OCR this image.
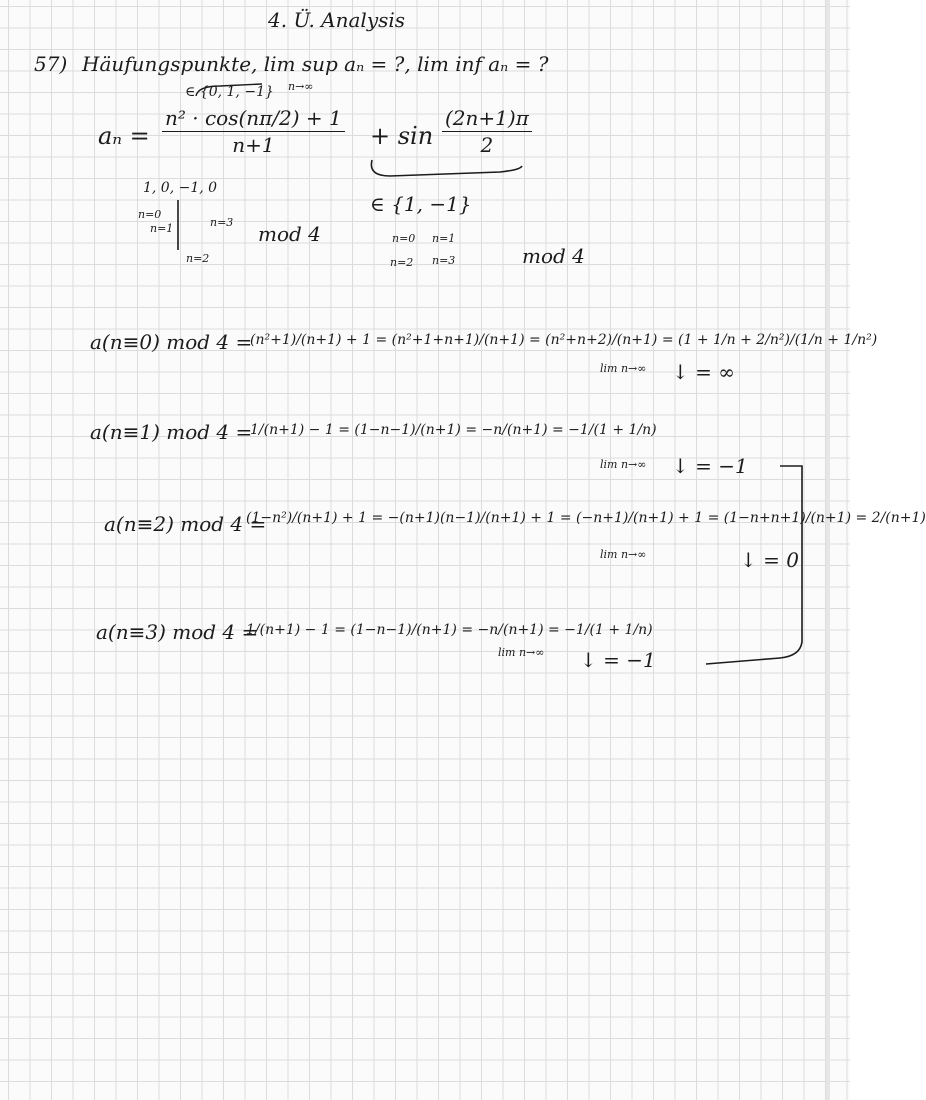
4. Ü. Analysis
57) Häufungspunkte, lim sup aₙ = ?, lim inf aₙ = ?
n→∞
∈ {0, 1, −1}
$a_n = \frac{\text{n² · cos(nπ/2) + 1}}{n+1} + \sin \frac{(2n+1)\pi}{2}$
1, 0, −1, 0
n=0
n=1	n=3
n=2
mod 4
∈ {1, −1}
n=0 n=1
n=2 n=3	mod 4
a(n≡0) mod 4 =
(n²+1)/(n+1) + 1 = (n²+1+n+1)/(n+1) = (n²+n+2)/(n+1) = (1 + 1/n + 2/n²)/(1/n + 1/n²)
lim n→∞ ↓ = ∞
a(n≡1) mod 4 =
1/(n+1) − 1 = (1−n−1)/(n+1) = −n/(n+1) = −1/(1 + 1/n)
lim n→∞ ↓ = −1
a(n≡2) mod 4 =
(1−n²)/(n+1) + 1 = −(n+1)(n−1)/(n+1) + 1 = (−n+1)/(n+1) + 1 = (1−n+n+1)/(n+1) = 2/(n+1)
lim n→∞	↓ = 0
a(n≡3) mod 4 =
1/(n+1) − 1 = (1−n−1)/(n+1) = −n/(n+1) = −1/(1 + 1/n)
lim n→∞ ↓ = −1
